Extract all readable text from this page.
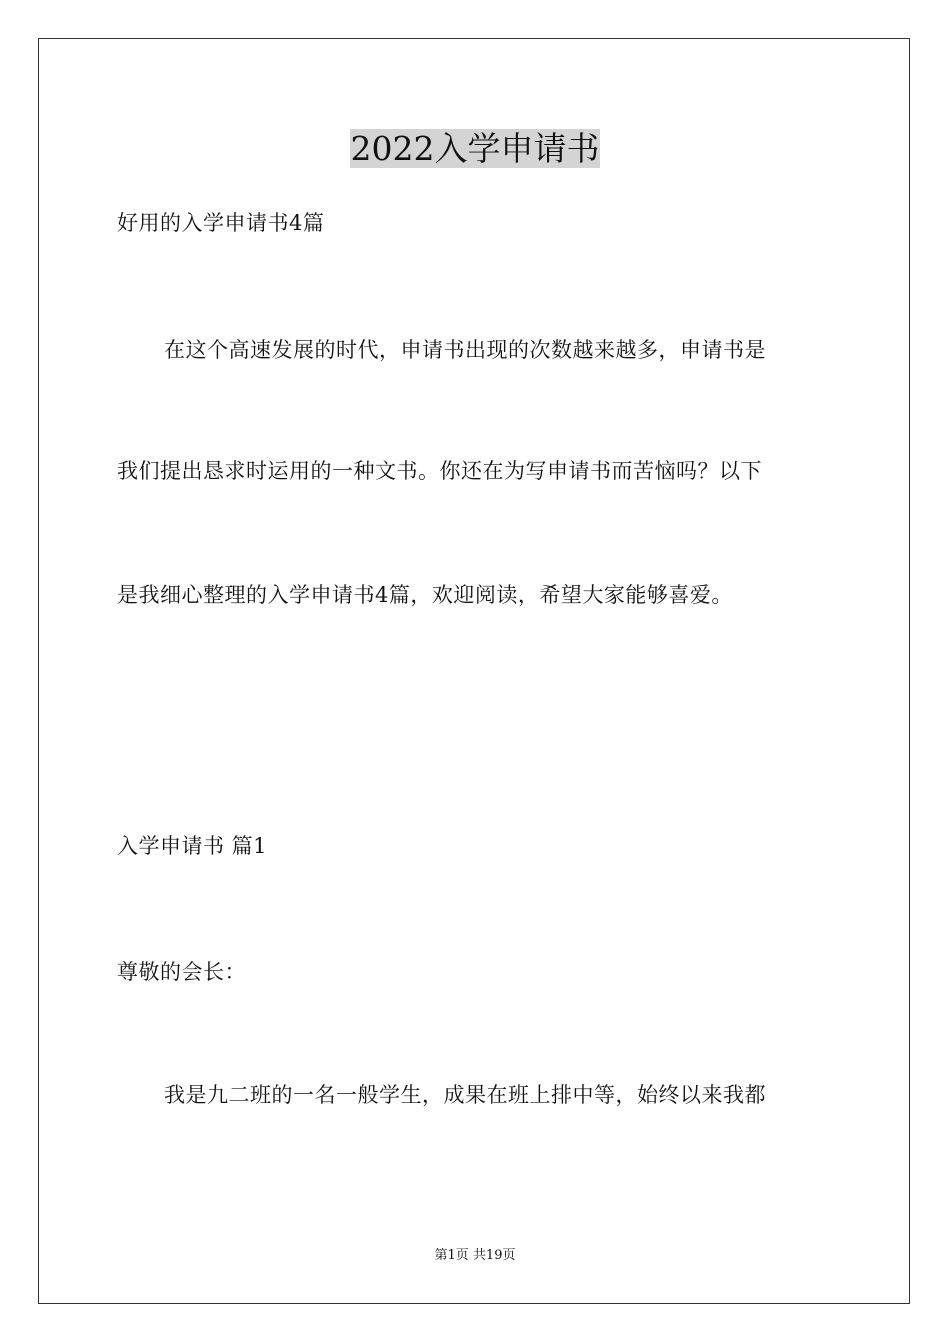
2022入学申请书
好用的入学申请书4篇
在这个高速发展的时代，申请书出现的次数越来越多，申请书是
我们提出恳求时运用的一种文书。你还在为写申请书而苦恼吗？以下
是我细心整理的入学申请书4篇，欢迎阅读，希望大家能够喜爱。
入学申请书 篇1
尊敬的会长：
我是九二班的一名一般学生，成果在班上排中等，始终以来我都
第1页 共19页
